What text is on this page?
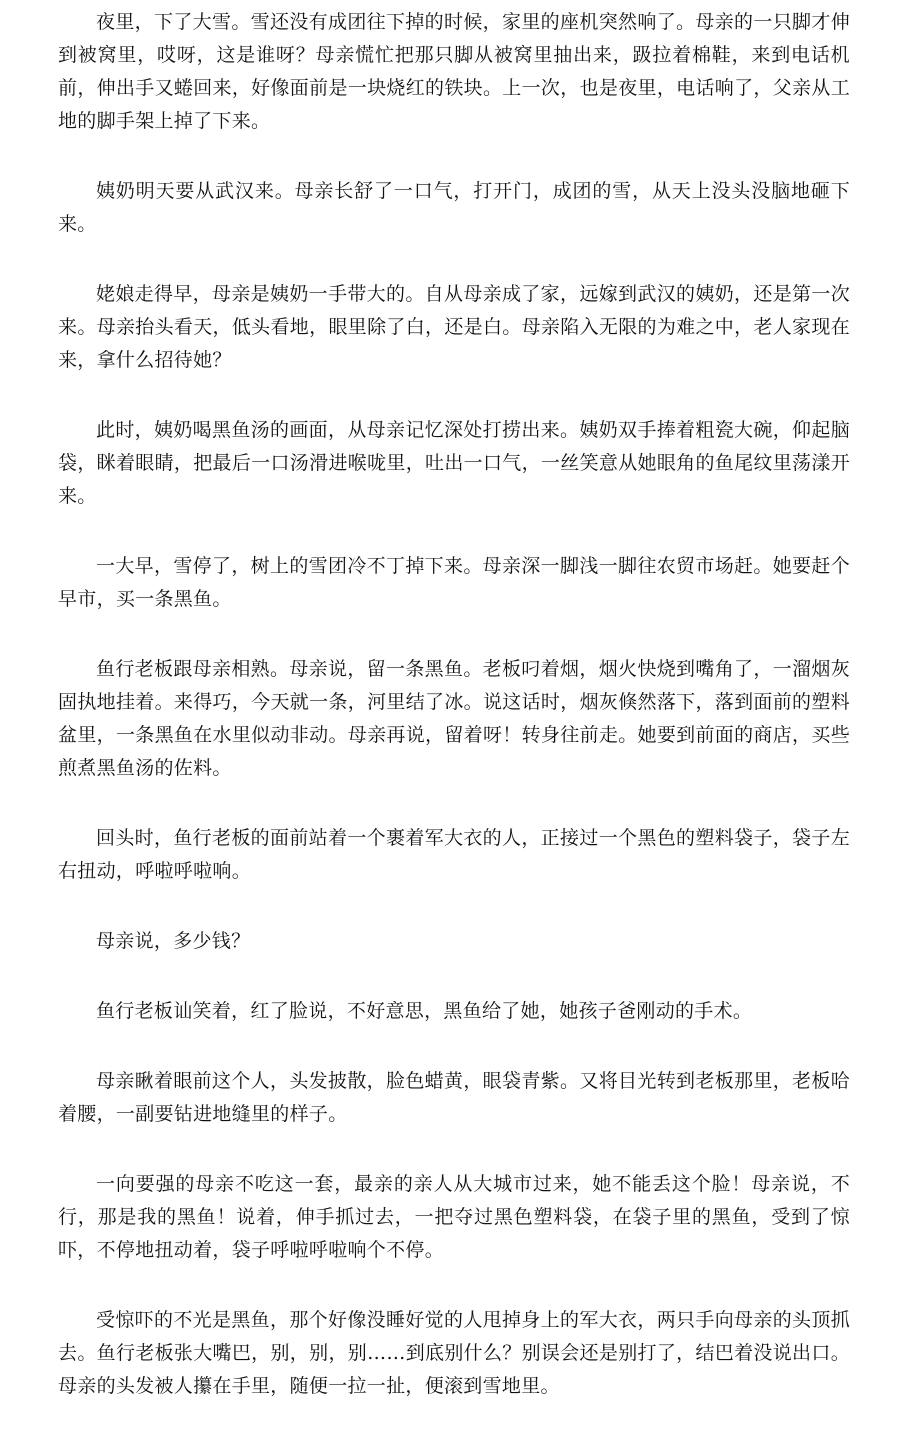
夜里，下了大雪。雪还没有成团往下掉的时候，家里的座机突然响了。母亲的一只脚才伸到被窝里，哎呀，这是谁呀？母亲慌忙把那只脚从被窝里抽出来，趿拉着棉鞋，来到电话机前，伸出手又蜷回来，好像面前是一块烧红的铁块。上一次，也是夜里，电话响了，父亲从工地的脚手架上掉了下来。

姨奶明天要从武汉来。母亲长舒了一口气，打开门，成团的雪，从天上没头没脑地砸下来。

姥娘走得早，母亲是姨奶一手带大的。自从母亲成了家，远嫁到武汉的姨奶，还是第一次来。母亲抬头看天，低头看地，眼里除了白，还是白。母亲陷入无限的为难之中，老人家现在来，拿什么招待她？

此时，姨奶喝黑鱼汤的画面，从母亲记忆深处打捞出来。姨奶双手捧着粗瓷大碗，仰起脑袋，眯着眼睛，把最后一口汤滑进喉咙里，吐出一口气，一丝笑意从她眼角的鱼尾纹里荡漾开来。

一大早，雪停了，树上的雪团冷不丁掉下来。母亲深一脚浅一脚往农贸市场赶。她要赶个早市，买一条黑鱼。

鱼行老板跟母亲相熟。母亲说，留一条黑鱼。老板叼着烟，烟火快烧到嘴角了，一溜烟灰固执地挂着。来得巧，今天就一条，河里结了冰。说这话时，烟灰倏然落下，落到面前的塑料盆里，一条黑鱼在水里似动非动。母亲再说，留着呀！转身往前走。她要到前面的商店，买些煎煮黑鱼汤的佐料。

回头时，鱼行老板的面前站着一个裹着军大衣的人，正接过一个黑色的塑料袋子，袋子左右扭动，呼啦呼啦响。

母亲说，多少钱？

鱼行老板讪笑着，红了脸说，不好意思，黑鱼给了她，她孩子爸刚动的手术。

母亲瞅着眼前这个人，头发披散，脸色蜡黄，眼袋青紫。又将目光转到老板那里，老板哈着腰，一副要钻进地缝里的样子。

一向要强的母亲不吃这一套，最亲的亲人从大城市过来，她不能丢这个脸！母亲说，不行，那是我的黑鱼！说着，伸手抓过去，一把夺过黑色塑料袋，在袋子里的黑鱼，受到了惊吓，不停地扭动着，袋子呼啦呼啦响个不停。

受惊吓的不光是黑鱼，那个好像没睡好觉的人甩掉身上的军大衣，两只手向母亲的头顶抓去。鱼行老板张大嘴巴，别，别，别……到底别什么？别误会还是别打了，结巴着没说出口。母亲的头发被人攥在手里，随便一拉一扯，便滚到雪地里。
